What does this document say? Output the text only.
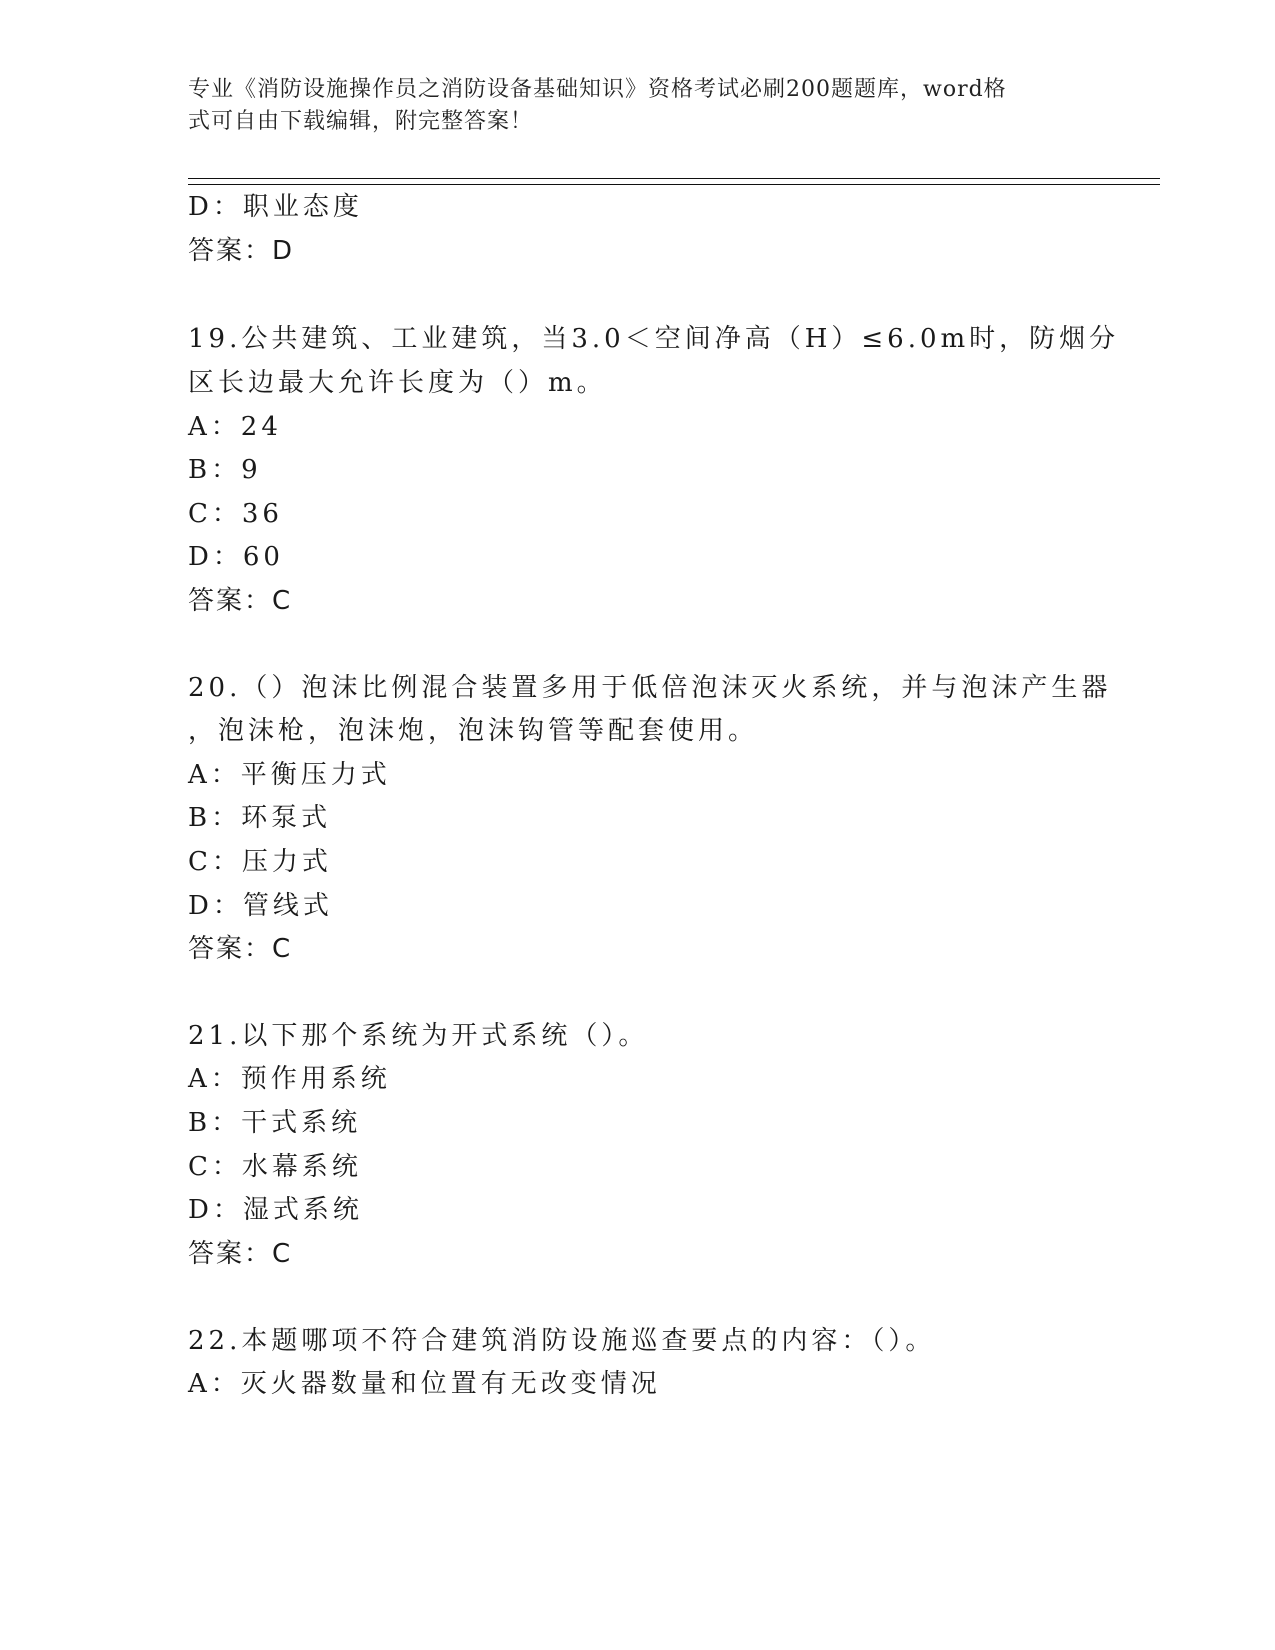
专业《消防设施操作员之消防设备基础知识》资格考试必刷200题题库，word格
式可自由下载编辑，附完整答案！
D：职业态度
答案：D
19.公共建筑、工业建筑，当3.0＜空间净高（H）≤6.0m时，防烟分
区长边最大允许长度为（）m。
A：24
B：9
C：36
D：60
答案：C
20.（）泡沫比例混合装置多用于低倍泡沫灭火系统，并与泡沫产生器
，泡沫枪，泡沫炮，泡沫钩管等配套使用。
A：平衡压力式
B：环泵式
C：压力式
D：管线式
答案：C
21.以下那个系统为开式系统（）。
A：预作用系统
B：干式系统
C：水幕系统
D：湿式系统
答案：C
22.本题哪项不符合建筑消防设施巡查要点的内容：（）。
A：灭火器数量和位置有无改变情况
